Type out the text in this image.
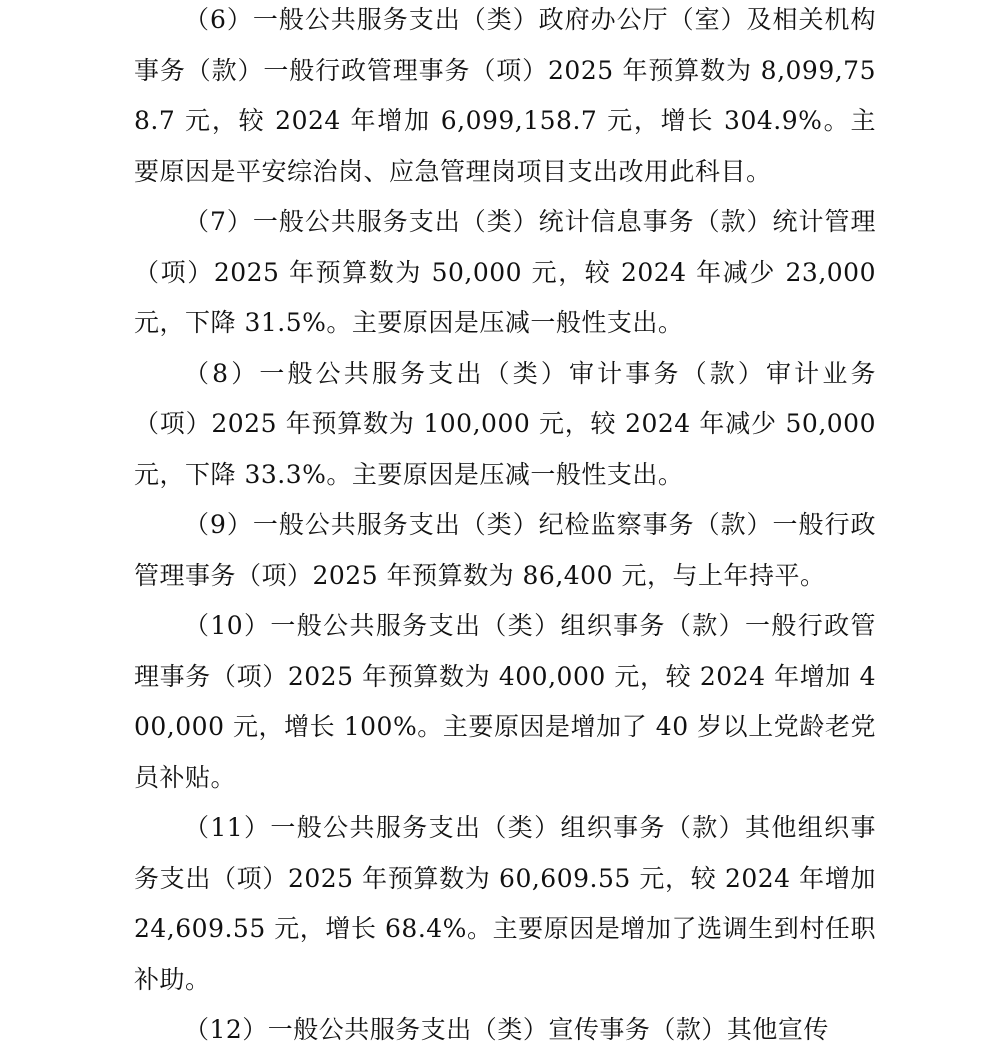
（6）一般公共服务支出（类）政府办公厅（室）及相关机构事务（款）一般行政管理事务（项）2025 年预算数为 8,099,758.7 元，较 2024 年增加 6,099,158.7 元，增长 304.9%。主要原因是平安综治岗、应急管理岗项目支出改用此科目。

（7）一般公共服务支出（类）统计信息事务（款）统计管理（项）2025 年预算数为 50,000 元，较 2024 年减少 23,000 元，下降 31.5%。主要原因是压减一般性支出。

（8）一般公共服务支出（类）审计事务（款）审计业务（项）2025 年预算数为 100,000 元，较 2024 年减少 50,000 元，下降 33.3%。主要原因是压减一般性支出。

（9）一般公共服务支出（类）纪检监察事务（款）一般行政管理事务（项）2025 年预算数为 86,400 元，与上年持平。

（10）一般公共服务支出（类）组织事务（款）一般行政管理事务（项）2025 年预算数为 400,000 元，较 2024 年增加 400,000 元，增长 100%。主要原因是增加了 40 岁以上党龄老党员补贴。

（11）一般公共服务支出（类）组织事务（款）其他组织事务支出（项）2025 年预算数为 60,609.55 元，较 2024 年增加 24,609.55 元，增长 68.4%。主要原因是增加了选调生到村任职补助。

（12）一般公共服务支出（类）宣传事务（款）其他宣传
